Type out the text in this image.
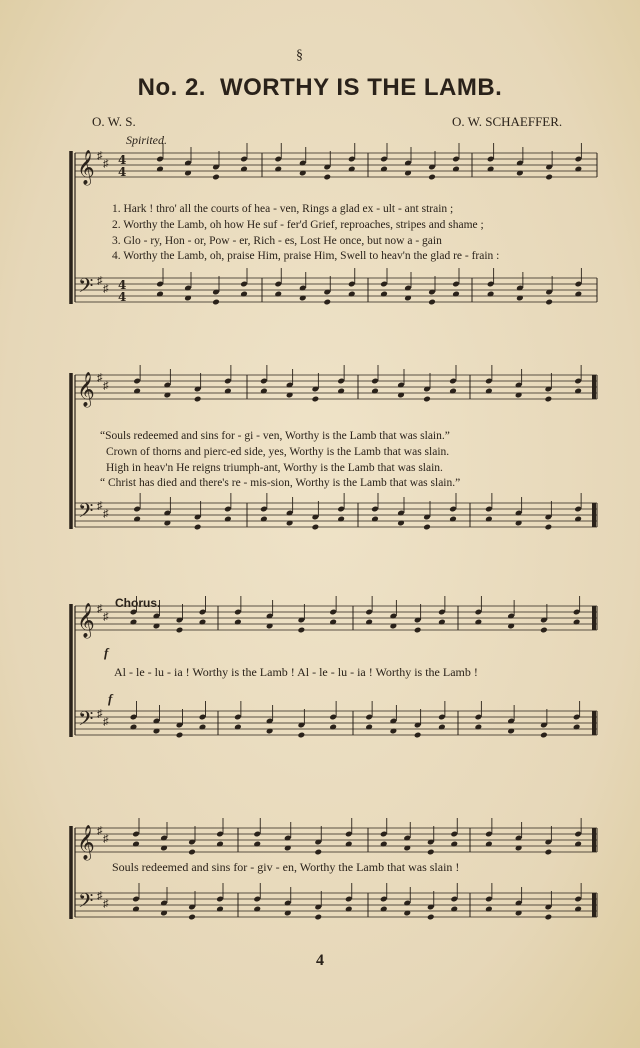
§
No. 2. WORTHY IS THE LAMB.
O. W. S.	O. W. SCHAEFFER.
Spirited.
𝄞
𝄢
♯
♯
♯
♯
4
4
4
4
𝄞
𝄢
♯
♯
♯
♯
𝄞
𝄢
♯
♯
♯
♯
𝄞
𝄢
♯
♯
♯
♯
1. Hark ! thro' all the courts of hea - ven, Rings a glad ex - ult - ant strain ;
2. Worthy the Lamb, oh how He suf - fer'd Grief, reproaches, stripes and shame ;
3. Glo - ry, Hon - or, Pow - er, Rich - es, Lost He once, but now a - gain
4. Worthy the Lamb, oh, praise Him, praise Him, Swell to heav'n the glad re - frain :
“Souls redeemed and sins for - gi - ven, Worthy is the Lamb that was slain.”
Crown of thorns and pierc-ed side, yes, Worthy is the Lamb that was slain.
High in heav'n He reigns triumph-ant, Worthy is the Lamb that was slain.
“ Christ has died and there's re - mis-sion, Worthy is the Lamb that was slain.”
Chorus.
f
Al - le - lu - ia ! Worthy is the Lamb ! Al - le - lu - ia ! Worthy is the Lamb !
f
Souls redeemed and sins for - giv - en, Worthy the Lamb that was slain !
4
